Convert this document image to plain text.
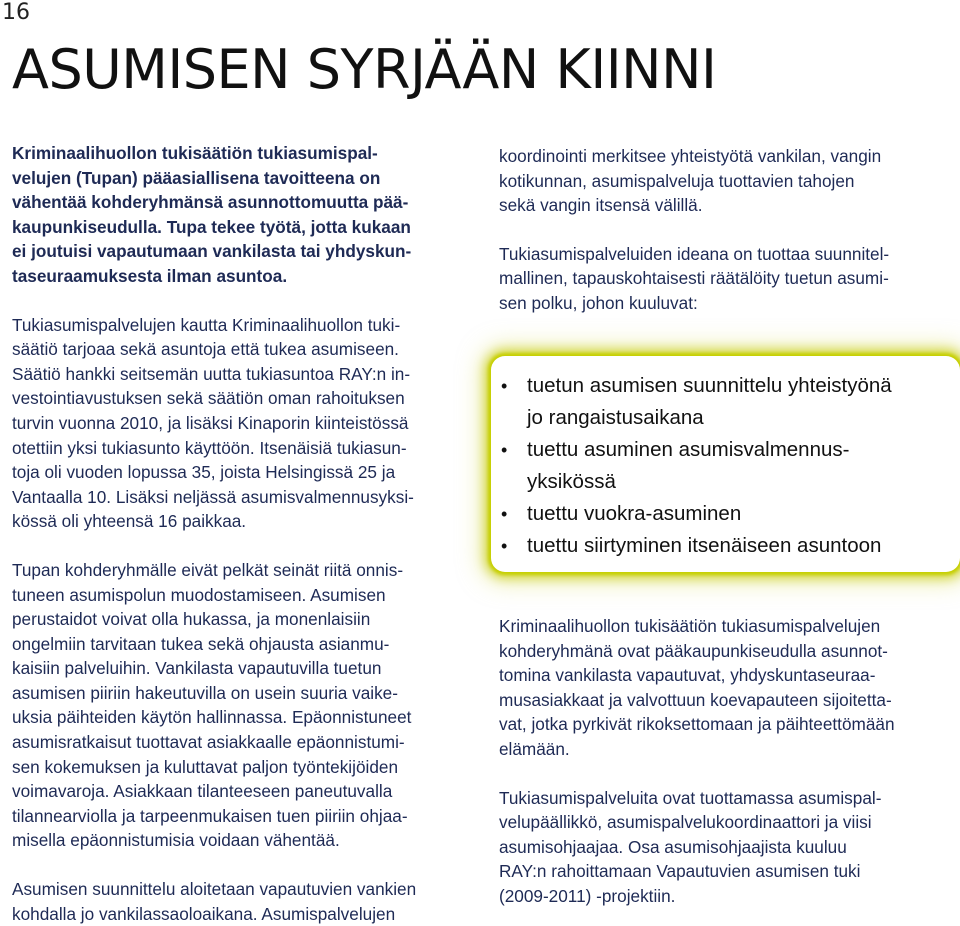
16
ASUMISEN SYRJÄÄN KIINNI

Kriminaalihuollon tukisäätiön tukiasumispal-
velujen (Tupan) pääasiallisena tavoitteena on
vähentää kohderyhmänsä asunnottomuutta pää-
kaupunkiseudulla. Tupa tekee työtä, jotta kukaan
ei joutuisi vapautumaan vankilasta tai yhdyskun-
taseuraamuksesta ilman asuntoa.

Tukiasumispalvelujen kautta Kriminaalihuollon tuki-
säätiö tarjoaa sekä asuntoja että tukea asumiseen.
Säätiö hankki seitsemän uutta tukiasuntoa RAY:n in-
vestointiavustuksen sekä säätiön oman rahoituksen
turvin vuonna 2010, ja lisäksi Kinaporin kiinteistössä
otettiin yksi tukiasunto käyttöön. Itsenäisiä tukiasun-
toja oli vuoden lopussa 35, joista Helsingissä 25 ja
Vantaalla 10. Lisäksi neljässä asumisvalmennusyksi-
kössä oli yhteensä 16 paikkaa.

Tupan kohderyhmälle eivät pelkät seinät riitä onnis-
tuneen asumispolun muodostamiseen. Asumisen
perustaidot voivat olla hukassa, ja monenlaisiin
ongelmiin tarvitaan tukea sekä ohjausta asianmu-
kaisiin palveluihin. Vankilasta vapautuvilla tuetun
asumisen piiriin hakeutuvilla on usein suuria vaike-
uksia päihteiden käytön hallinnassa. Epäonnistuneet
asumisratkaisut tuottavat asiakkaalle epäonnistumi-
sen kokemuksen ja kuluttavat paljon työntekijöiden
voimavaroja. Asiakkaan tilanteeseen paneutuvalla
tilannearviolla ja tarpeenmukaisen tuen piiriin ohjaa-
misella epäonnistumisia voidaan vähentää.

Asumisen suunnittelu aloitetaan vapautuvien vankien
kohdalla jo vankilassaoloaikana. Asumispalvelujen

koordinointi merkitsee yhteistyötä vankilan, vangin
kotikunnan, asumispalveluja tuottavien tahojen
sekä vangin itsensä välillä.

Tukiasumispalveluiden ideana on tuottaa suunnitel-
mallinen, tapauskohtaisesti räätälöity tuetun asumi-
sen polku, johon kuuluvat:

• tuetun asumisen suunnittelu yhteistyönä
jo rangaistusaikana
• tuettu asuminen asumisvalmennus-
yksikössä
• tuettu vuokra-asuminen
• tuettu siirtyminen itsenäiseen asuntoon

Kriminaalihuollon tukisäätiön tukiasumispalvelujen
kohderyhmänä ovat pääkaupunkiseudulla asunnot-
tomina vankilasta vapautuvat, yhdyskuntaseuraa-
musasiakkaat ja valvottuun koevapauteen sijoitetta-
vat, jotka pyrkivät rikoksettomaan ja päihteettömään
elämään.

Tukiasumispalveluita ovat tuottamassa asumispal-
velupäällikkö, asumispalvelukoordinaattori ja viisi
asumisohjaajaa. Osa asumisohjaajista kuuluu
RAY:n rahoittamaan Vapautuvien asumisen tuki
(2009-2011) -projektiin.
